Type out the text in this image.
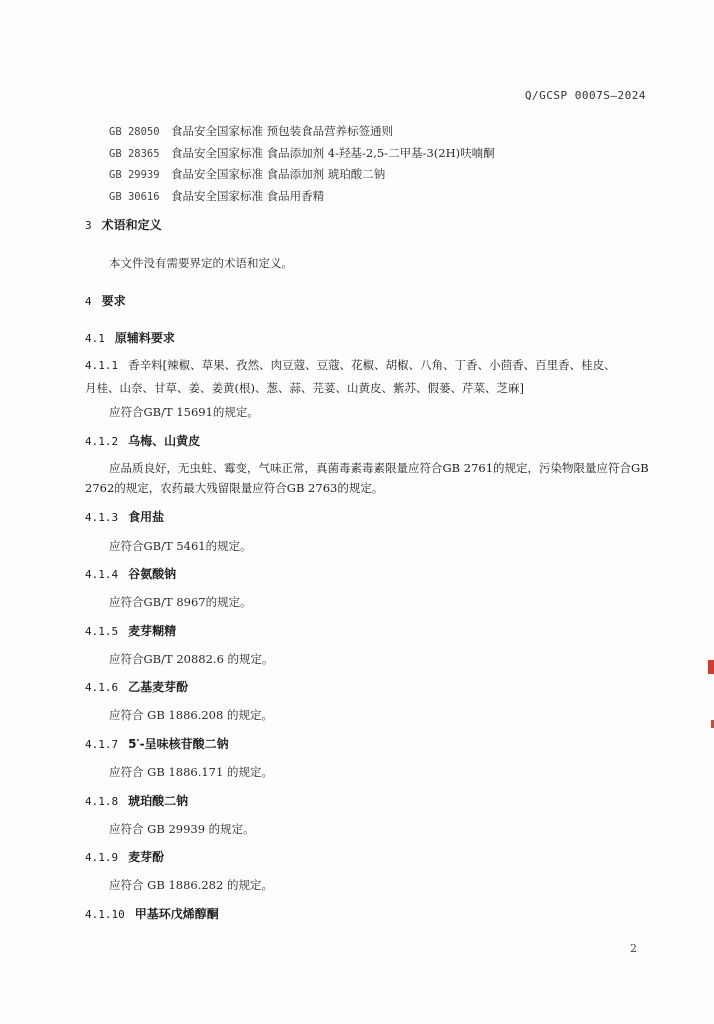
Q/GCSP 0007S—2024
GB 28050 食品安全国家标准 预包装食品营养标签通则
GB 28365 食品安全国家标准 食品添加剂 4-羟基-2,5-二甲基-3(2H)呋喃酮
GB 29939 食品安全国家标准 食品添加剂 琥珀酸二钠
GB 30616 食品安全国家标准 食品用香精
3 术语和定义
本文件没有需要界定的术语和定义。
4 要求
4.1 原辅料要求
4.1.1 香辛料[辣椒、草果、孜然、肉豆蔻、豆蔻、花椒、胡椒、八角、丁香、小茴香、百里香、桂皮、
月桂、山奈、甘草、姜、姜黄(根)、葱、蒜、芫荽、山黄皮、紫苏、假蒌、芹菜、芝麻]
应符合GB/T 15691的规定。
4.1.2 乌梅、山黄皮
应品质良好，无虫蛀、霉变，气味正常，真菌毒素毒素限量应符合GB 2761的规定，污染物限量应符合GB 2762的规定，农药最大残留限量应符合GB 2763的规定。
4.1.3 食用盐
应符合GB/T 5461的规定。
4.1.4 谷氨酸钠
应符合GB/T 8967的规定。
4.1.5 麦芽糊精
应符合GB/T 20882.6 的规定。
4.1.6 乙基麦芽酚
应符合 GB 1886.208 的规定。
4.1.7 5′-呈味核苷酸二钠
应符合 GB 1886.171 的规定。
4.1.8 琥珀酸二钠
应符合 GB 29939 的规定。
4.1.9 麦芽酚
应符合 GB 1886.282 的规定。
4.1.10 甲基环戊烯醇酮
2
